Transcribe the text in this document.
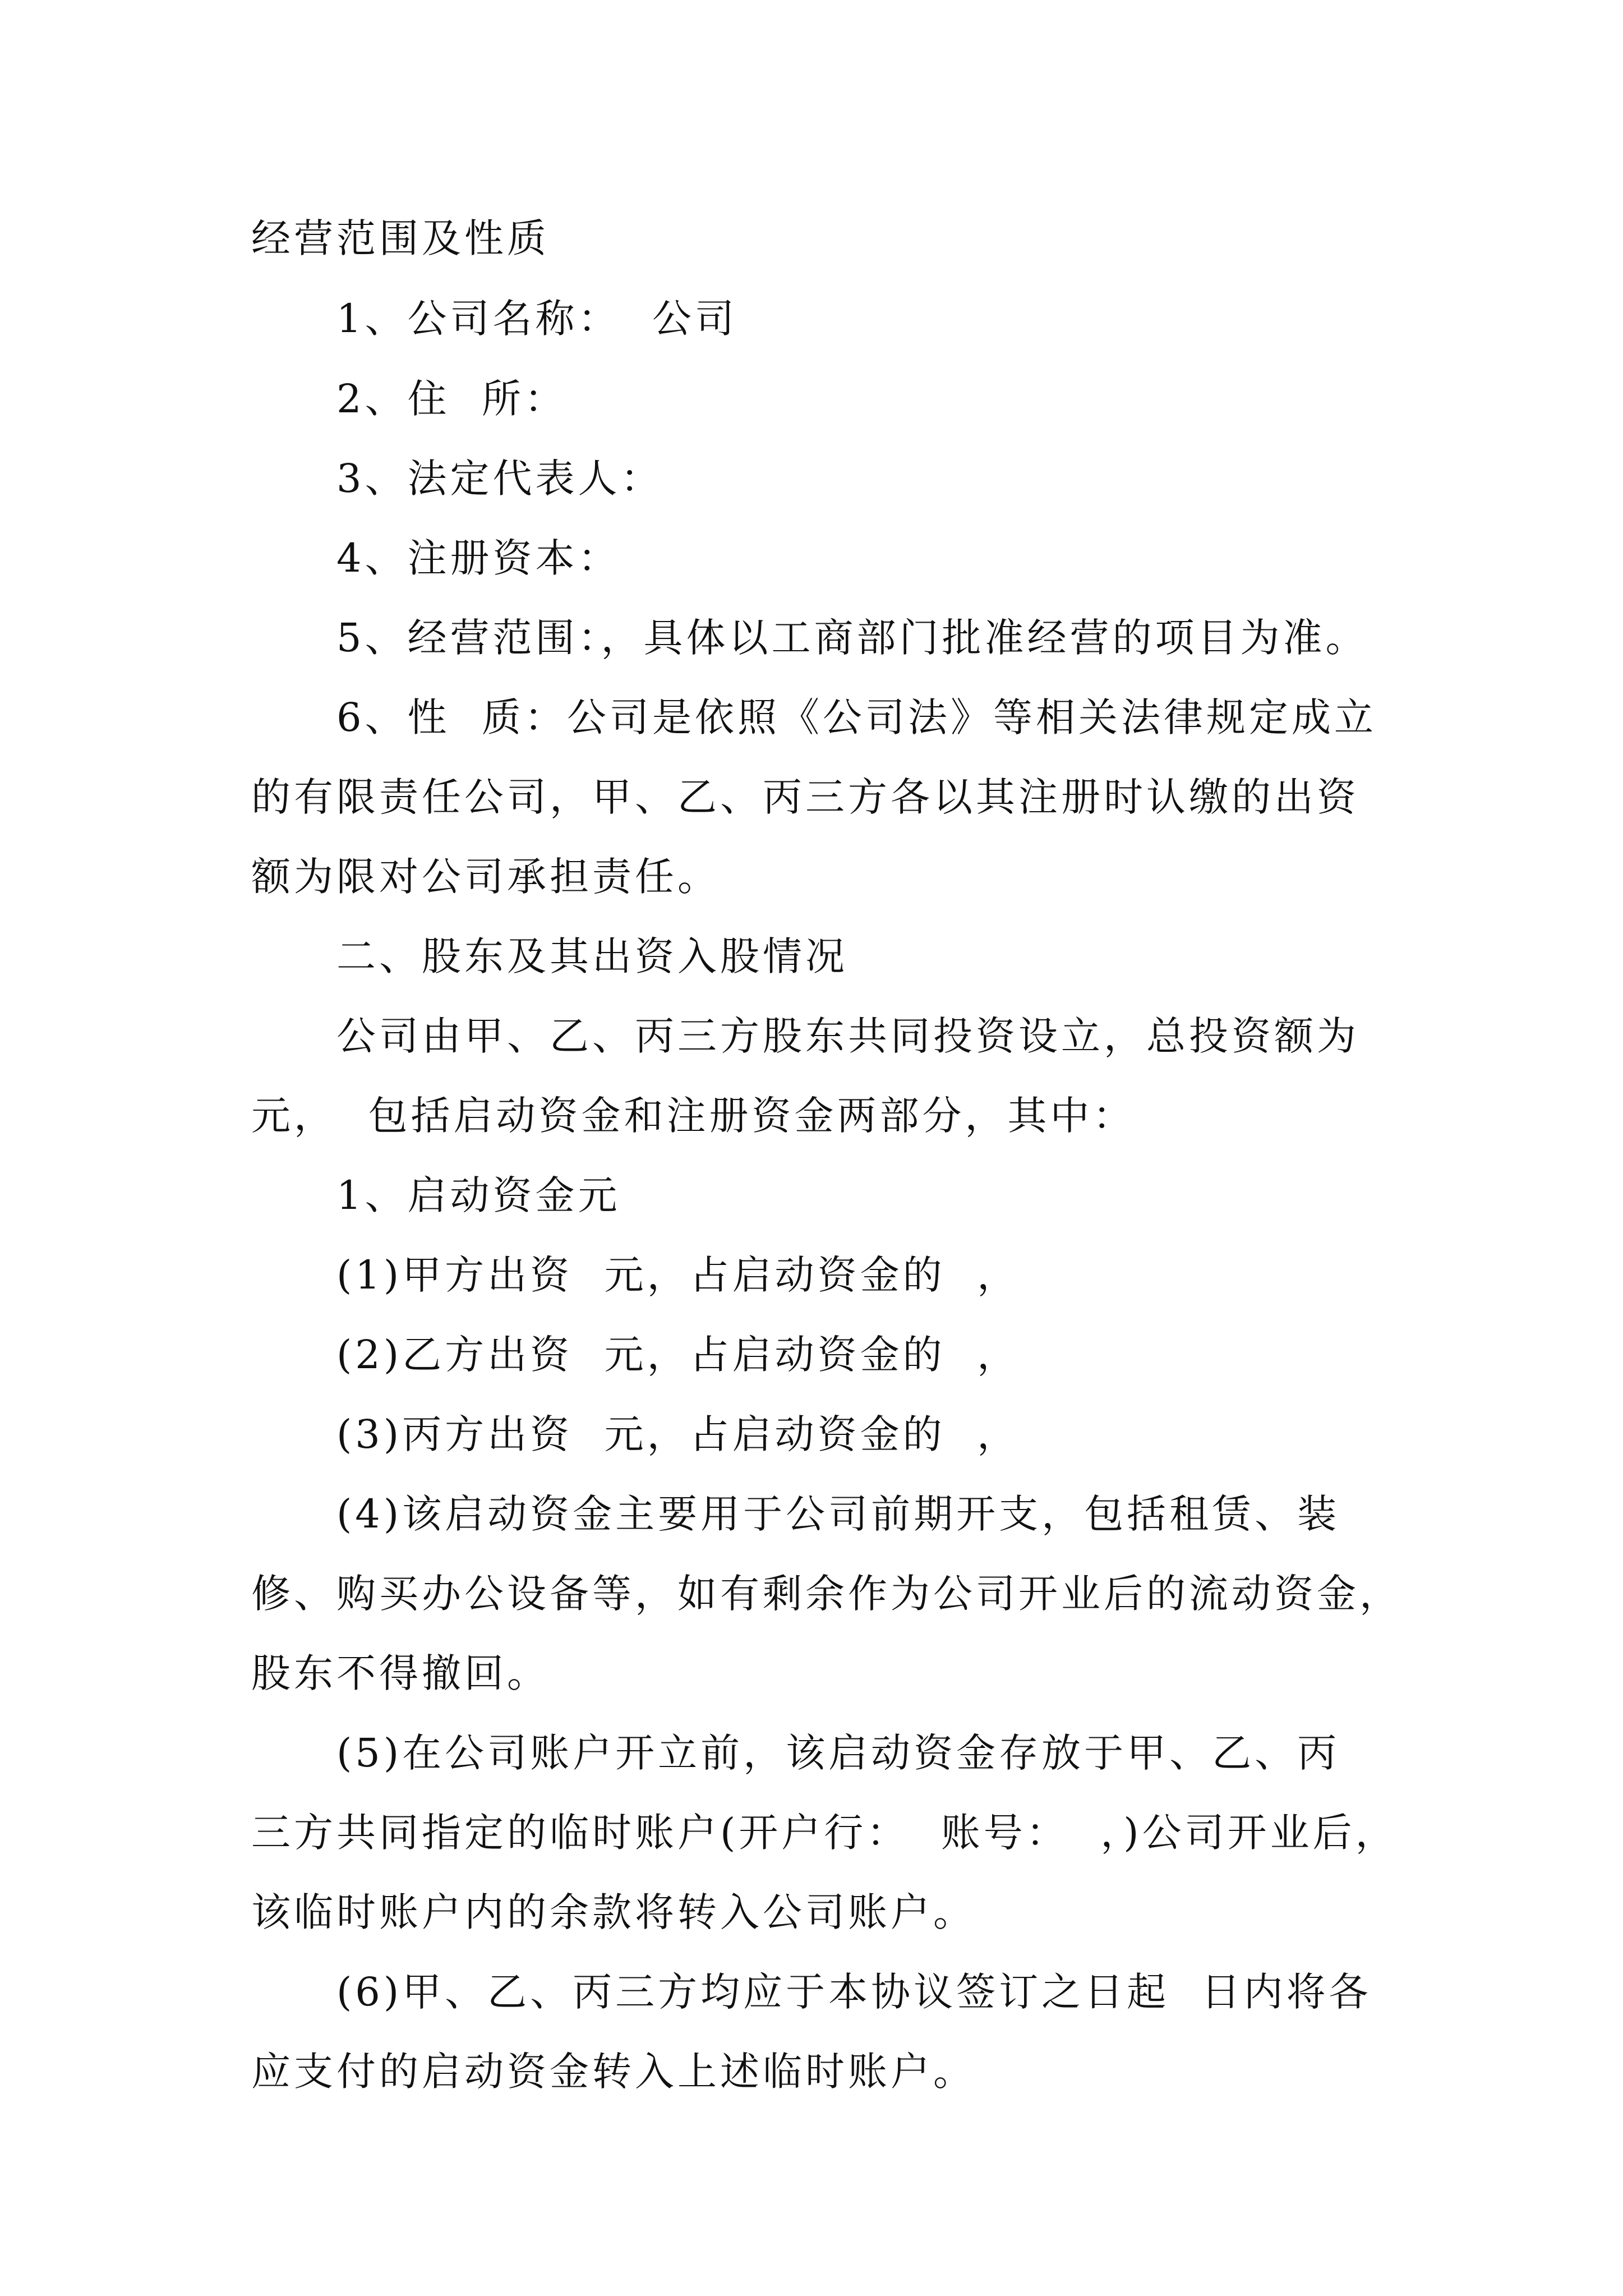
经营范围及性质
1、公司名称：  公司
2、住  所：
3、法定代表人：
4、注册资本：
5、经营范围：，具体以工商部门批准经营的项目为准。
6、性  质：公司是依照《公司法》等相关法律规定成立
的有限责任公司，甲、乙、丙三方各以其注册时认缴的出资
额为限对公司承担责任。
二、股东及其出资入股情况
公司由甲、乙、丙三方股东共同投资设立，总投资额为
元，  包括启动资金和注册资金两部分，其中：
1、启动资金元
(1)甲方出资  元，占启动资金的  ，
(2)乙方出资  元，占启动资金的  ，
(3)丙方出资  元，占启动资金的  ，
(4)该启动资金主要用于公司前期开支，包括租赁、装
修、购买办公设备等，如有剩余作为公司开业后的流动资金，
股东不得撤回。
(5)在公司账户开立前，该启动资金存放于甲、乙、丙
三方共同指定的临时账户(开户行：  账号：  ，)公司开业后，
该临时账户内的余款将转入公司账户。
(6)甲、乙、丙三方均应于本协议签订之日起  日内将各
应支付的启动资金转入上述临时账户。
